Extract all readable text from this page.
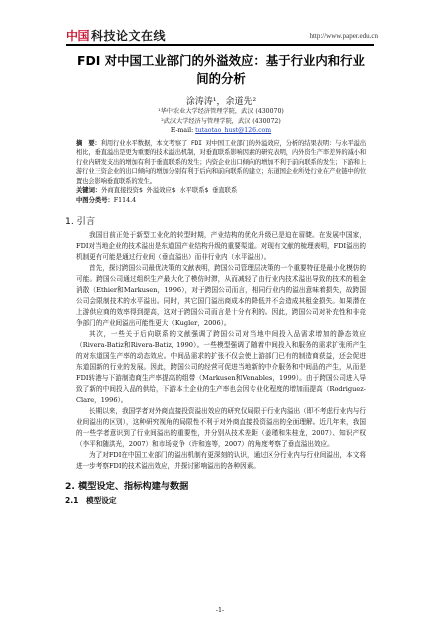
中国 科技论文在线	http://www.paper.edu.cn
FDI 对中国工业部门的外溢效应：基于行业内和行业间的分析
涂涛涛¹，余道先²
¹华中农业大学经济管理学院，武汉 (430070)
²武汉大学经济与管理学院，武汉 (430072)
E-mail: tutaotao_hust@126.com
摘　要：利用行业水平数据，本文考察了 FDI 对中国工业部门的外溢效应，分析的结果表明：与水平溢出相比，垂直溢出是更为重要的技术溢出机制，对垂直联系影响因素的研究表明，内外资生产率差异的减小和行业内研发支出的增加有利于垂直联系的发生；内资企业出口倾向的增加不利于前向联系的发生；下游和上游行业三资企业的出口倾向的增加分别有利于后向和前向联系的建立；东道国企业所处行业在产业链中的位置也会影响垂直联系的发生。
关键词：外商直接投资$ 外溢效应$ 水平联系$ 垂直联系
中图分类号：F114.4
1. 引言

我国目前正处于新型工业化的转型时期，产业结构的优化升级已是迫在眉睫。在发展中国家，FDI对当地企业的技术溢出是东道国产业结构升级的重要渠道。对现有文献的梳理表明，FDI溢出的机制更有可能是通过行业间（垂直溢出）而非行业内（水平溢出）。

首先，探讨跨国公司最优决策的文献表明，跨国公司管理层决策的一个重要特征是最小化模仿的可能。跨国公司通过组织生产最大化了模仿时滞，从而减轻了由行业内技术溢出导致的技术的租金消散（Ethier和Markusen，1996），对于跨国公司而言，相同行业内的溢出意味着损失，故跨国公司会限制技术的水平溢出。同时，其它国门溢出商成本的降低并不会造成其租金损失。如果潜在上游供应商的效率得到提高，这对于跨国公司而言是十分有利的。因此，跨国公司对补充性和非竞争部门的产业间溢出可能性更大（Kugler，2006）。

其次，一些关于后向联系的文献强调了跨国公司对当地中间投入品需求增加的静态效应（Rivera-Batiz和Rivera-Batiz, 1990）。一些模型强调了随着中间投入和服务的需求扩张所产生的对东道国生产率的动态效应。中间品需求的扩张不仅会使上游部门已有的制造商获益，还会促进东道国新的行业的发展。因此，跨国公司的经营可促进当地新的中介服务和中间品的产生，从而是FDI转港与下游制造商生产率提高的组带（Markusen和Venables，1999）。由于跨国公司进入导致了新的中间投入品的供给，下游本土企业的生产率也会因专业化程度的增加而提高（Rodriguez-Clare，1996）。

长期以来，我国学者对外商直接投资溢出效应的研究仅局限于行业内溢出（即不考虑行业内与行业间溢出的区别），这种研究视角的局限性不利于对外商直接投资溢出的全面理解。近几年来，我国的一些学者意识到了行业间溢出的重要性，并分别从技术差距（姜瑾和朱桂龙，2007）、知识产权（李平和随洪光，2007）和市场竞争（许和连等，2007）的角度考察了垂直溢出效应。

为了对FDI在中国工业部门的溢出机制有更深刻的认识，通过区分行业内与行业间溢出，本文将进一步考察FDI的技术溢出效应，并探讨影响溢出的各种因素。

2. 模型设定、指标构建与数据
2.1　模型设定
-1-
